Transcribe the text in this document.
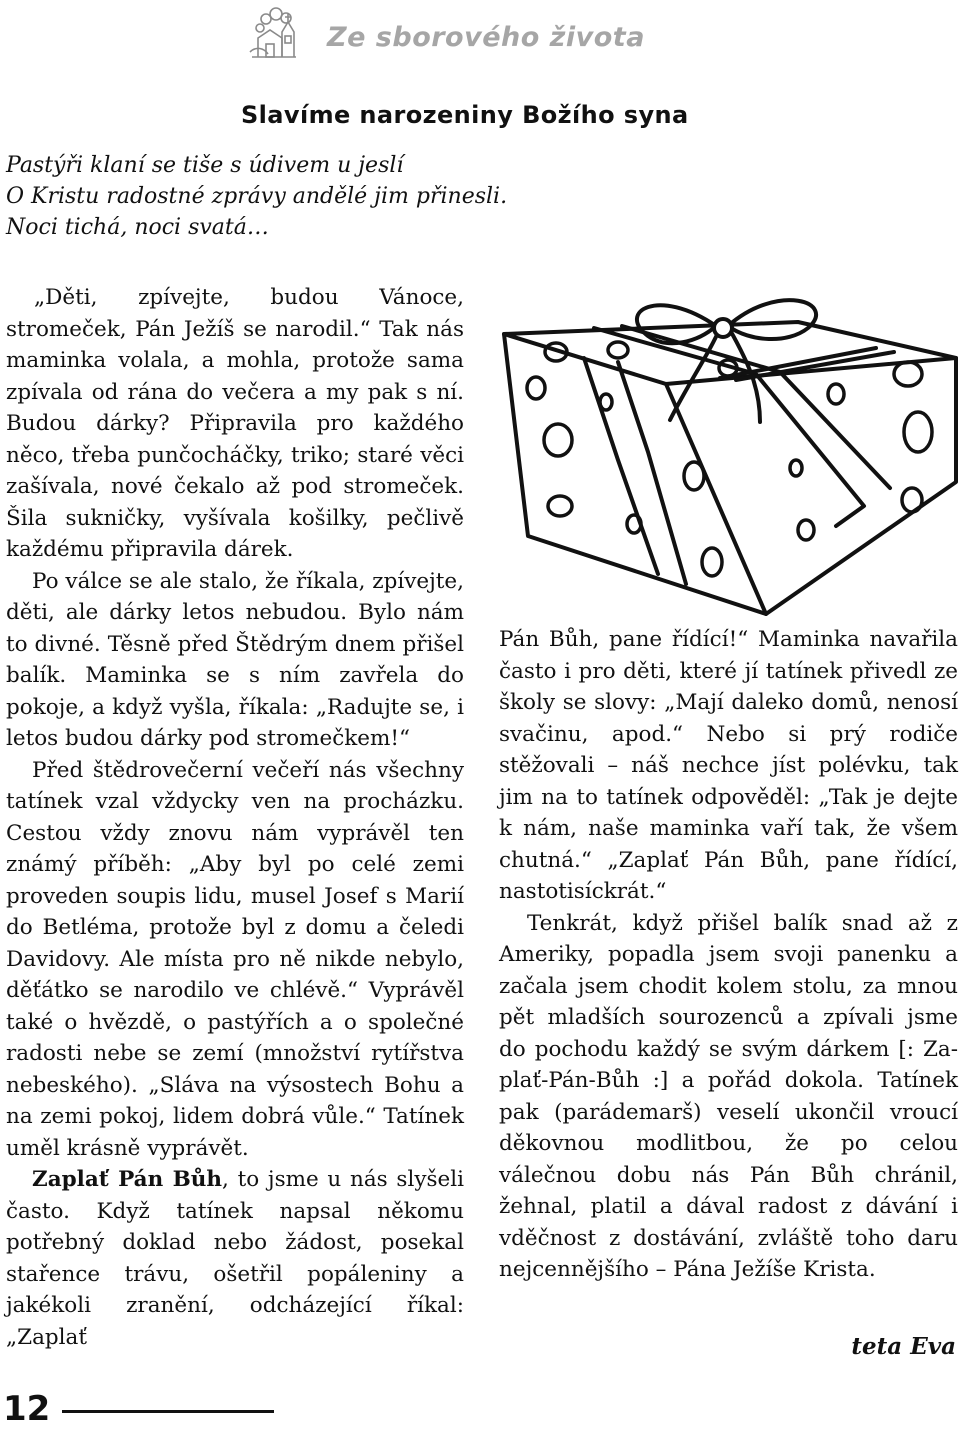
Ze sborového života

Slavíme narozeniny Božího syna

Pastýři klaní se tiše s údivem u jeslí

O Kristu radostné zprávy andělé jim přinesli.

Noci tichá, noci svatá…

„Děti, zpívejte, budou Vánoce, stromeček, Pán Ježíš se narodil.“ Tak nás maminka volala, a mohla, protože sama zpívala od rána do večera a my pak s ní. Budou dárky? Připravila pro každého něco, třeba punčocháčky, triko; staré věci zašívala, nové čekalo až pod stromeček. Šila sukničky, vyšívala košilky, pečlivě každému připravila dárek.

Po válce se ale stalo, že říkala, zpívejte, děti, ale dárky letos nebudou. Bylo nám to divné. Těsně před Štědrým dnem přišel balík. Maminka se s ním zavřela do pokoje, a když vyšla, říkala: „Radujte se, i letos budou dárky pod stromečkem!“

Před štědrovečerní večeří nás všechny tatínek vzal vždycky ven na procházku. Cestou vždy znovu nám vyprávěl ten známý příběh: „Aby byl po celé zemi proveden soupis lidu, musel Josef s Marií do Betléma, protože byl z domu a čeledi Davidovy. Ale místa pro ně nikde nebylo, děťátko se narodilo ve chlévě.“ Vyprávěl také o hvězdě, o pastýřích a o společné radosti nebe se zemí (množství rytířstva nebeského). „Sláva na výsostech Bohu a na zemi pokoj, lidem dobrá vůle.“ Tatínek uměl krásně vyprávět.

Zaplať Pán Bůh, to jsme u nás slyšeli často. Když tatínek napsal někomu potřebný doklad nebo žádost, posekal stařence trávu, ošetřil popáleniny a jakékoli zranění, odcházející říkal: „Zaplať

Pán Bůh, pane řídící!“ Maminka navařila často i pro děti, které jí tatínek přivedl ze školy se slovy: „Mají daleko domů, nenosí svačinu, apod.“ Nebo si prý rodiče stěžovali – náš nechce jíst polévku, tak jim na to tatínek odpověděl: „Tak je dejte k nám, naše maminka vaří tak, že všem chutná.“ „Zaplať Pán Bůh, pane řídící, nastotisíckrát.“

Tenkrát, když přišel balík snad až z Ameriky, popadla jsem svoji panenku a začala jsem chodit kolem stolu, za mnou pět mladších sourozenců a zpívali jsme do pochodu každý se svým dárkem [: Za-plať-Pán-Bůh :] a pořád dokola. Tatínek pak (parádemarš) veselí ukončil vroucí děkovnou modlitbou, že po celou válečnou dobu nás Pán Bůh chránil, žehnal, platil a dával radost z dávání i vděčnost z dostávání, zvláště toho daru nejcennějšího – Pána Ježíše Krista.

teta Eva

12
